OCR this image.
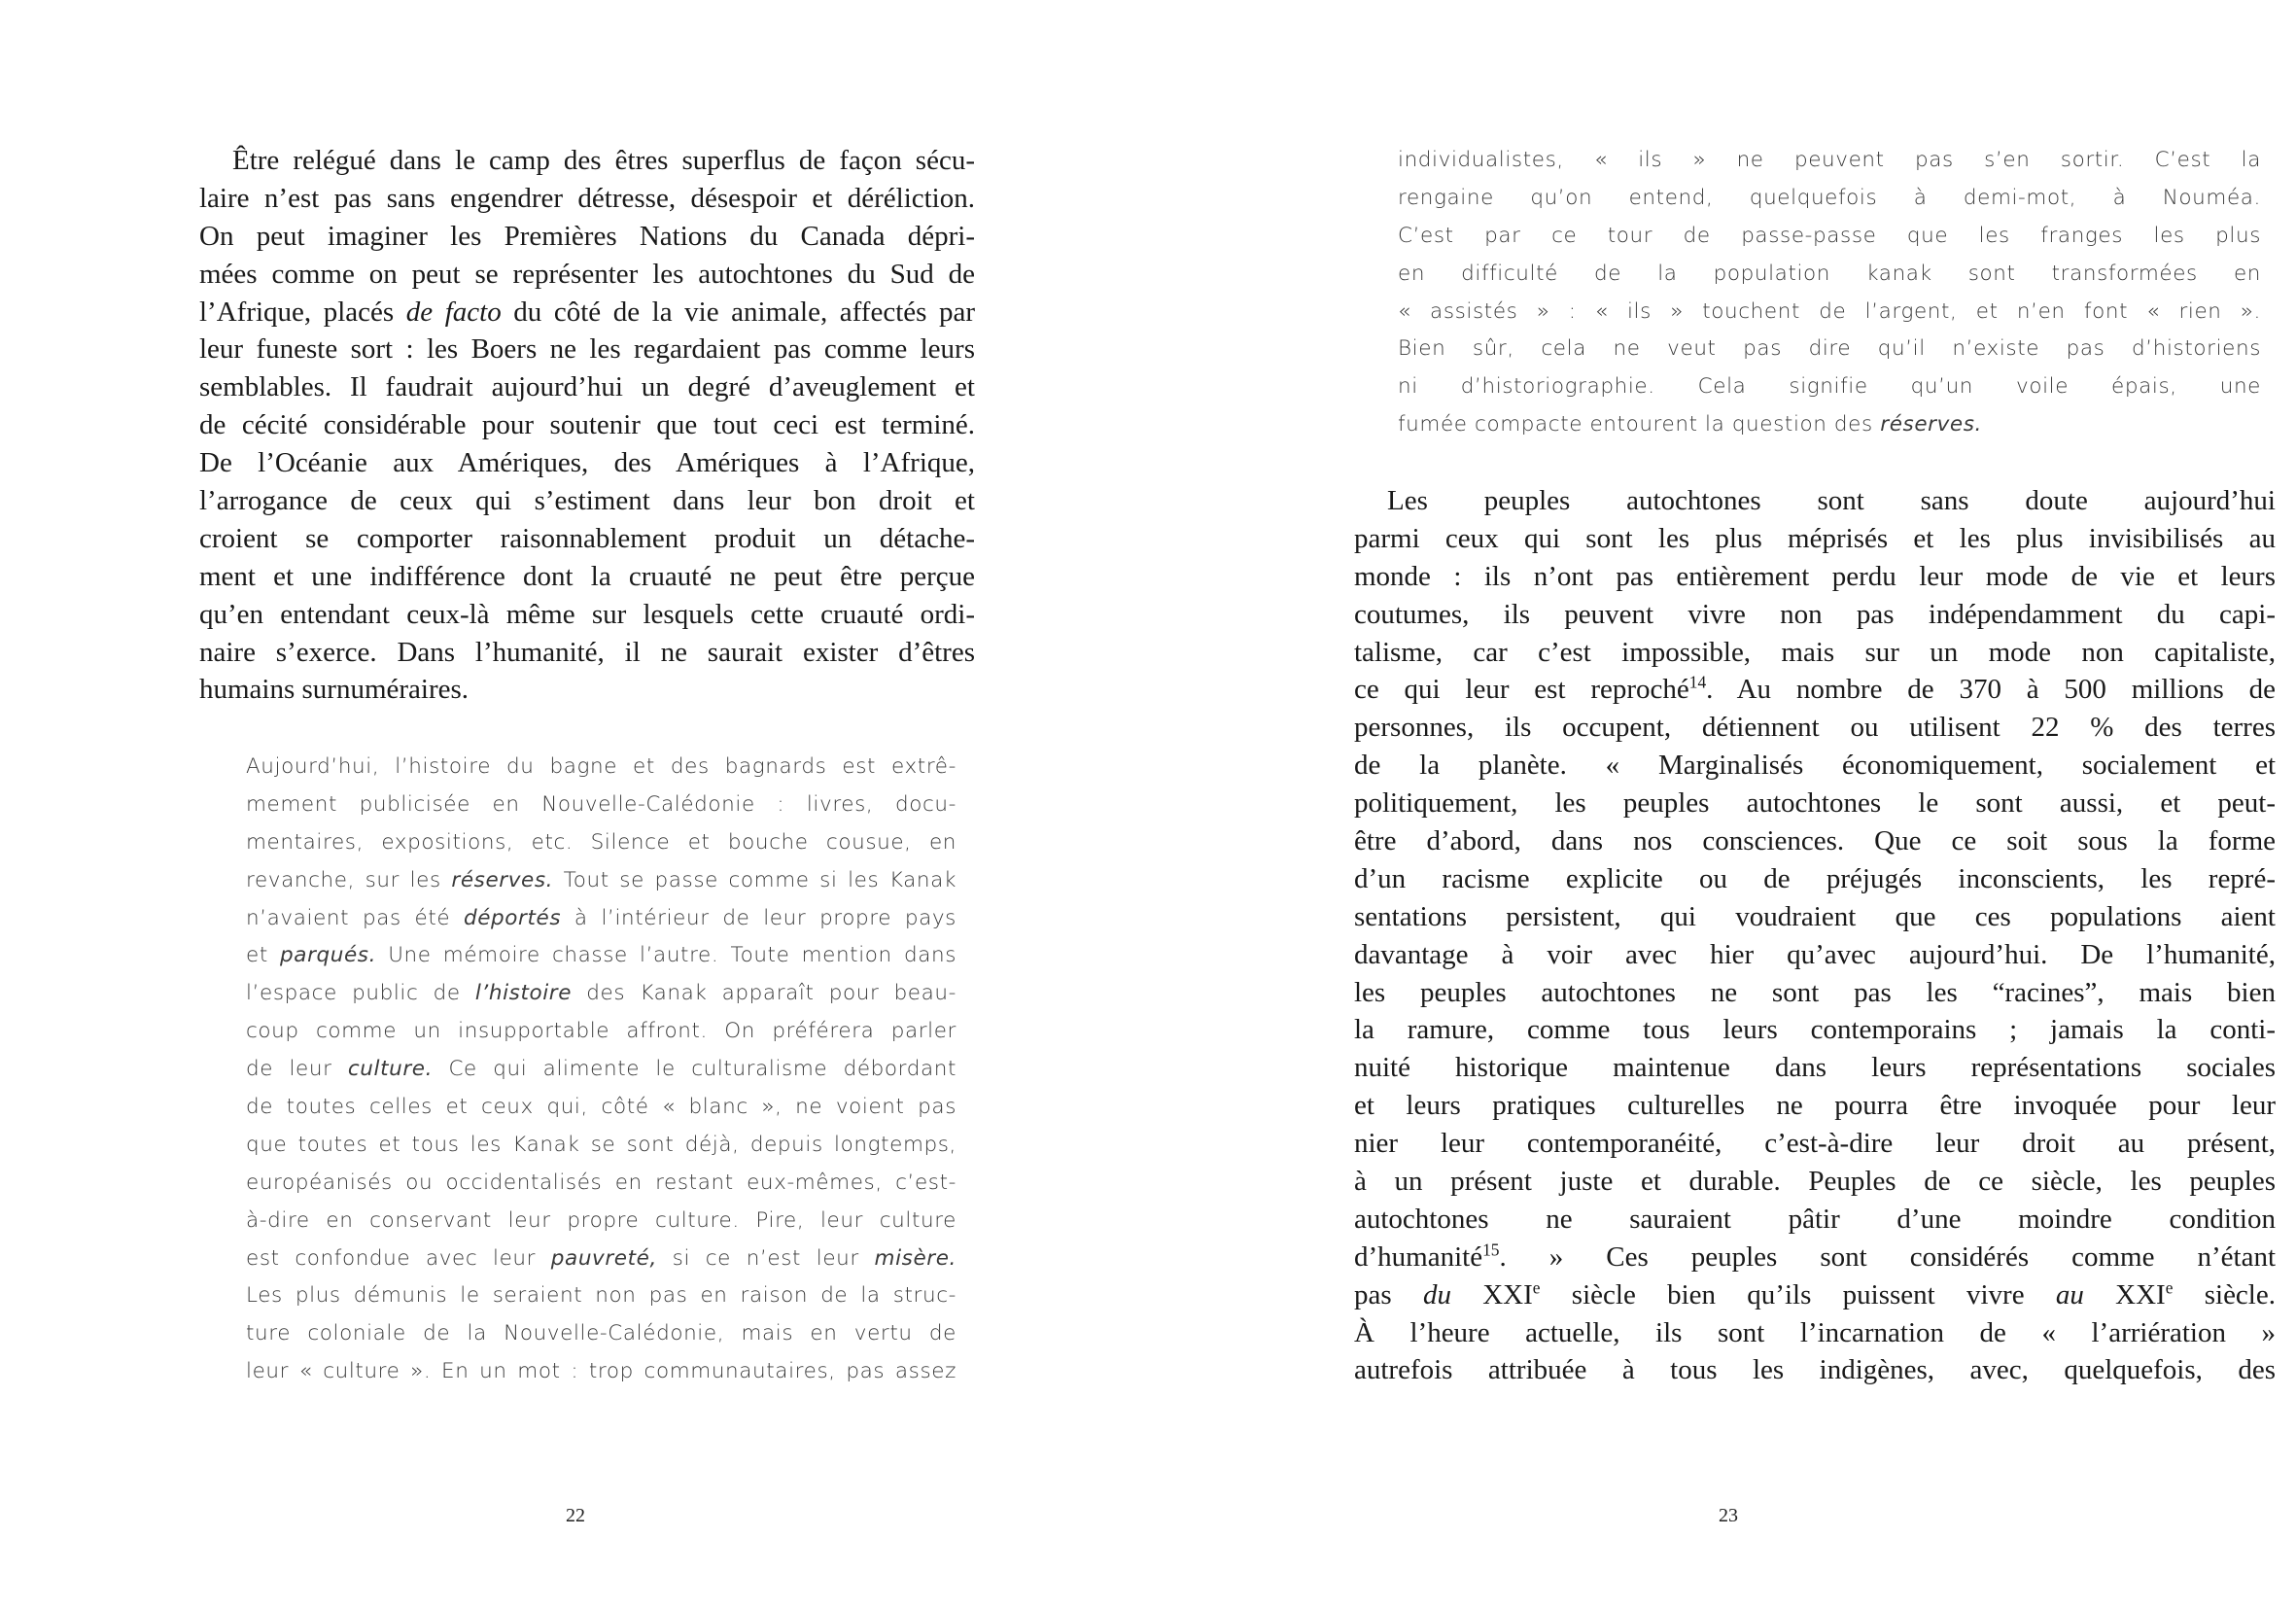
Être relégué dans le camp des êtres superflus de façon sécu-
laire n’est pas sans engendrer détresse, désespoir et déréliction.
On peut imaginer les Premières Nations du Canada dépri-
mées comme on peut se représenter les autochtones du Sud de
l’Afrique, placés de facto du côté de la vie animale, affectés par
leur funeste sort : les Boers ne les regardaient pas comme leurs
semblables. Il faudrait aujourd’hui un degré d’aveuglement et
de cécité considérable pour soutenir que tout ceci est terminé.
De l’Océanie aux Amériques, des Amériques à l’Afrique,
l’arrogance de ceux qui s’estiment dans leur bon droit et
croient se comporter raisonnablement produit un détache-
ment et une indifférence dont la cruauté ne peut être perçue
qu’en entendant ceux-là même sur lesquels cette cruauté ordi-
naire s’exerce. Dans l’humanité, il ne saurait exister d’êtres
humains surnuméraires.
Aujourd’hui, l’histoire du bagne et des bagnards est extrê-
mement publicisée en Nouvelle-Calédonie : livres, docu-
mentaires, expositions, etc. Silence et bouche cousue, en
revanche, sur les réserves. Tout se passe comme si les Kanak
n’avaient pas été déportés à l’intérieur de leur propre pays
et parqués. Une mémoire chasse l’autre. Toute mention dans
l’espace public de l’histoire des Kanak apparaît pour beau-
coup comme un insupportable affront. On préférera parler
de leur culture. Ce qui alimente le culturalisme débordant
de toutes celles et ceux qui, côté « blanc », ne voient pas
que toutes et tous les Kanak se sont déjà, depuis longtemps,
européanisés ou occidentalisés en restant eux-mêmes, c’est-
à-dire en conservant leur propre culture. Pire, leur culture
est confondue avec leur pauvreté, si ce n’est leur misère.
Les plus démunis le seraient non pas en raison de la struc-
ture coloniale de la Nouvelle-Calédonie, mais en vertu de
leur « culture ». En un mot : trop communautaires, pas assez
22
individualistes, « ils » ne peuvent pas s’en sortir. C’est la
rengaine qu’on entend, quelquefois à demi-mot, à Nouméa.
C’est par ce tour de passe-passe que les franges les plus
en difficulté de la population kanak sont transformées en
« assistés » : « ils » touchent de l’argent, et n’en font « rien ».
Bien sûr, cela ne veut pas dire qu’il n’existe pas d’historiens
ni d’historiographie. Cela signifie qu’un voile épais, une
fumée compacte entourent la question des réserves.
Les peuples autochtones sont sans doute aujourd’hui
parmi ceux qui sont les plus méprisés et les plus invisibilisés au
monde : ils n’ont pas entièrement perdu leur mode de vie et leurs
coutumes, ils peuvent vivre non pas indépendamment du capi-
talisme, car c’est impossible, mais sur un mode non capitaliste,
ce qui leur est reproché$^{14}$. Au nombre de 370 à 500 millions de
personnes, ils occupent, détiennent ou utilisent 22 % des terres
de la planète. « Marginalisés économiquement, socialement et
politiquement, les peuples autochtones le sont aussi, et peut-
être d’abord, dans nos consciences. Que ce soit sous la forme
d’un racisme explicite ou de préjugés inconscients, les repré-
sentations persistent, qui voudraient que ces populations aient
davantage à voir avec hier qu’avec aujourd’hui. De l’humanité,
les peuples autochtones ne sont pas les “racines”, mais bien
la ramure, comme tous leurs contemporains ; jamais la conti-
nuité historique maintenue dans leurs représentations sociales
et leurs pratiques culturelles ne pourra être invoquée pour leur
nier leur contemporanéité, c’est-à-dire leur droit au présent,
à un présent juste et durable. Peuples de ce siècle, les peuples
autochtones ne sauraient pâtir d’une moindre condition
d’humanité$^{15}$. » Ces peuples sont considérés comme n’étant
pas du XXIe siècle bien qu’ils puissent vivre au XXIe siècle.
À l’heure actuelle, ils sont l’incarnation de « l’arriération »
autrefois attribuée à tous les indigènes, avec, quelquefois, des
23
